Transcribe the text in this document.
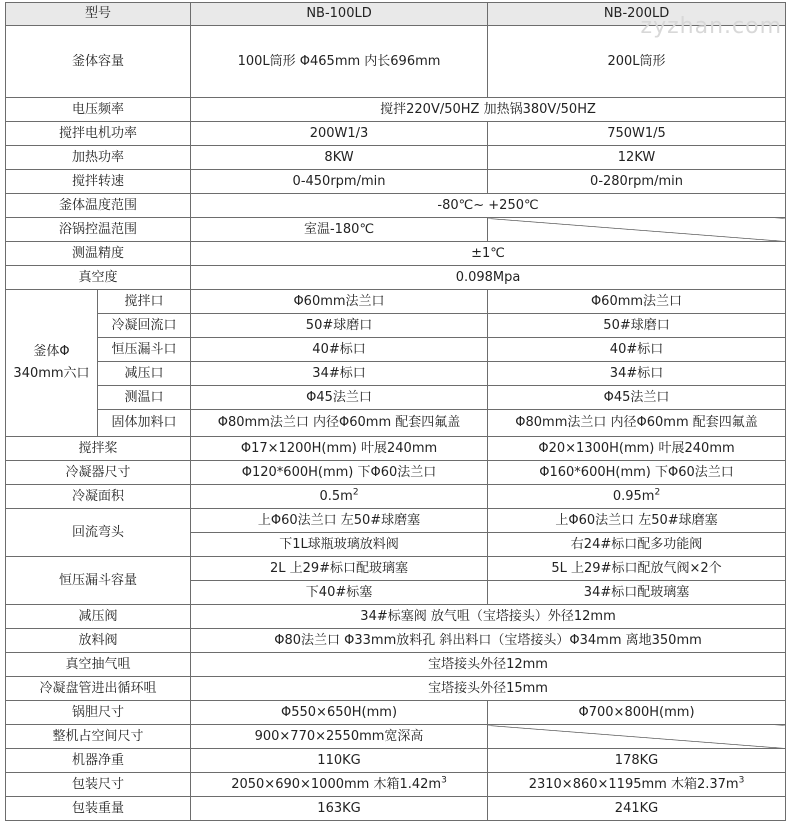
型号		NB-100LD	NB-200LD
釜体容量		100L筒形 Φ465mm 内长696mm	200L筒形
电压频率		搅拌220V/50HZ 加热锅380V/50HZ	
搅拌电机功率		200W1/3	750W1/5
加热功率		8KW	12KW
搅拌转速		0-450rpm/min	0-280rpm/min
釜体温度范围		-80℃~ +250℃	
浴锅控温范围		室温-180℃	
测温精度		±1℃	
真空度		0.098Mpa	
釜体Φ 340mm六口	搅拌口	Φ60mm法兰口	Φ60mm法兰口
	冷凝回流口	50#球磨口	50#球磨口
	恒压漏斗口	40#标口	40#标口
	减压口	34#标口	34#标口
	测温口	Φ45法兰口	Φ45法兰口
	固体加料口	Φ80mm法兰口 内径Φ60mm 配套四氟盖	Φ80mm法兰口 内径Φ60mm 配套四氟盖
搅拌桨		Φ17×1200H(mm) 叶展240mm	Φ20×1300H(mm) 叶展240mm
冷凝器尺寸		Φ120*600H(mm) 下Φ60法兰口	Φ160*600H(mm) 下Φ60法兰口
冷凝面积		$0.5m^2$	$0.95m^2$
回流弯头		上Φ60法兰口 左50#球磨塞	上Φ60法兰口 左50#球磨塞
		下1L球瓶玻璃放料阀	右24#标口配多功能阀
恒压漏斗容量		2L 上29#标口配玻璃塞	5L 上29#标口配放气阀×2个
		下40#标塞	34#标口配玻璃塞
减压阀		34#标塞阀 放气咀（宝塔接头）外径12mm	
放料阀		Φ80法兰口 Φ33mm放料孔 斜出料口（宝塔接头）Φ34mm 离地350mm	
真空抽气咀		宝塔接头外径12mm	
冷凝盘管进出循环咀		宝塔接头外径15mm	
锅胆尺寸		Φ550×650H(mm)	Φ700×800H(mm)
整机占空间尺寸		900×770×2550mm宽深高	
机器净重		110KG	178KG
包装尺寸		2050×690×1000mm 木箱$1.42m^3$	2310×860×1195mm 木箱$2.37m^3$
包装重量		163KG	241KG
zyzhan.com
